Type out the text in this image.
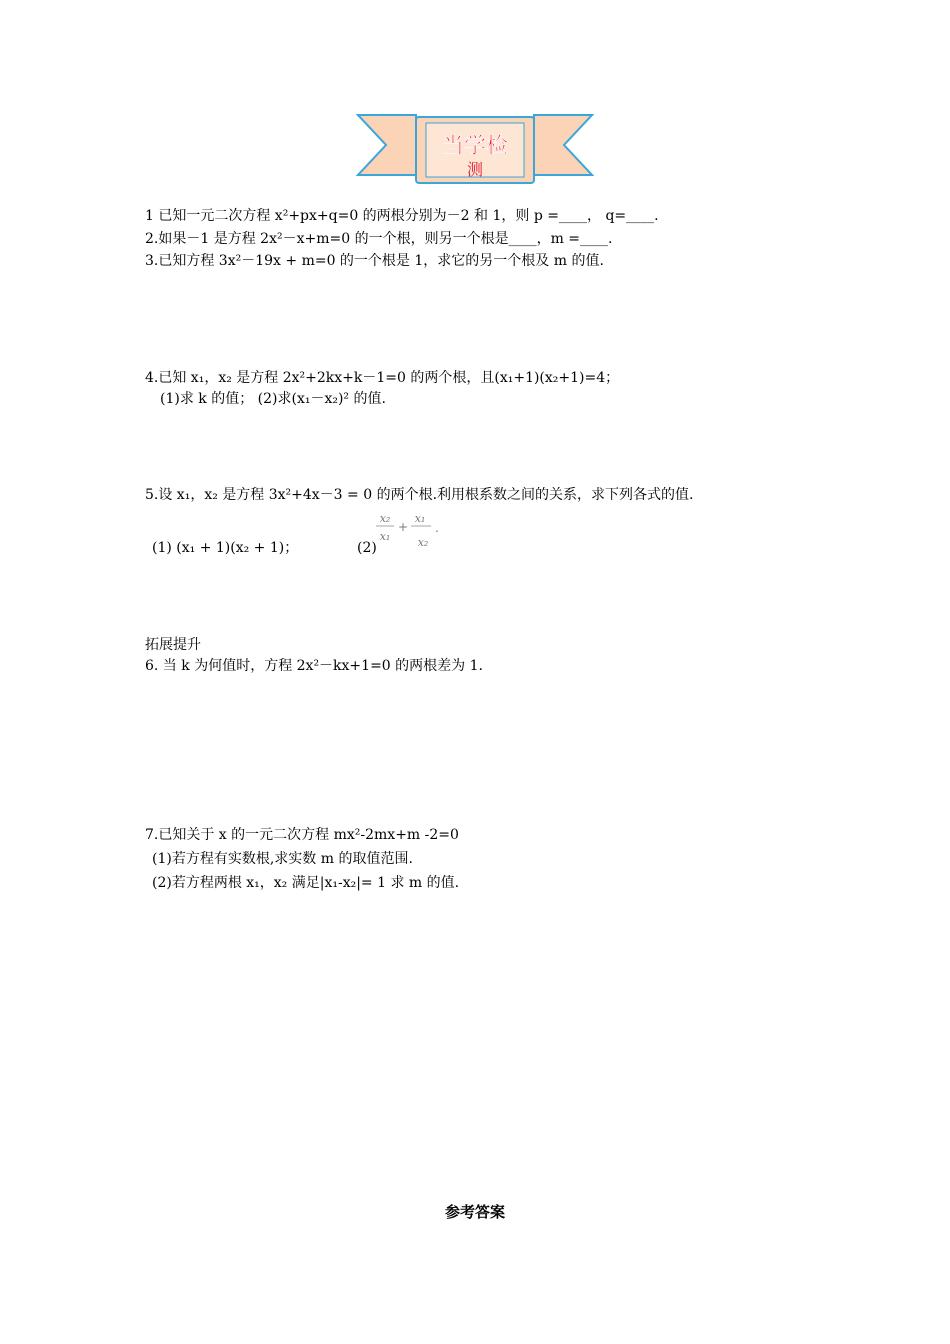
当学检
测
1 已知一元二次方程 x²+px+q=0 的两根分别为－2 和 1，则 p =____， q=____.
2.如果－1 是方程 2x²－x+m=0 的一个根，则另一个根是____，m =____.
3.已知方程 3x²－19x + m=0 的一个根是 1，求它的另一个根及 m 的值.
4.已知 x₁，x₂ 是方程 2x²+2kx+k－1=0 的两个根，且(x₁+1)(x₂+1)=4；
(1)求 k 的值； (2)求(x₁－x₂)² 的值.
5.设 x₁，x₂ 是方程 3x²+4x－3 = 0 的两个根.利用根系数之间的关系，求下列各式的值.
(1) (x₁ + 1)(x₂ + 1)；	(2)
x₂
x₁
+
x₁
x₂
.
拓展提升
6. 当 k 为何值时，方程 2x²－kx+1=0 的两根差为 1.
7.已知关于 x 的一元二次方程 mx²-2mx+m -2=0
(1)若方程有实数根,求实数 m 的取值范围.
(2)若方程两根 x₁，x₂ 满足|x₁-x₂|= 1 求 m 的值.
参考答案
